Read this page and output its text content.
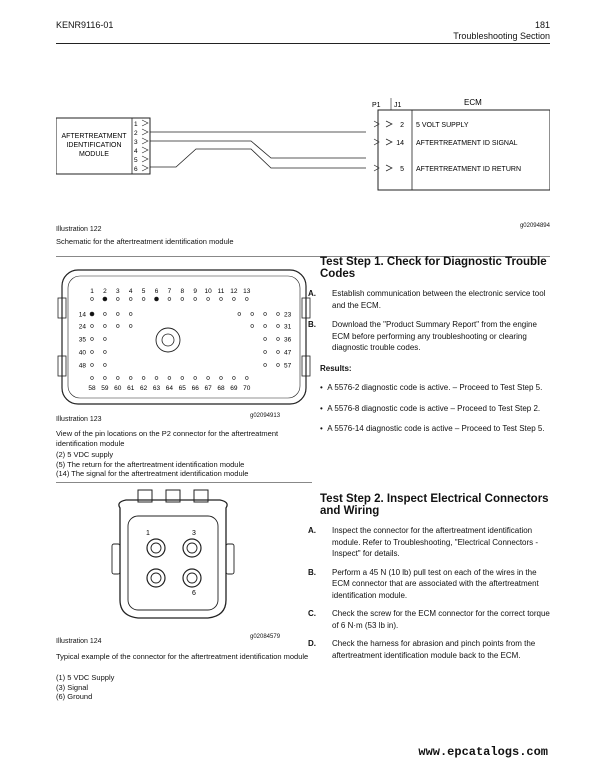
KENR9116-01	181
Troubleshooting Section
AFTERTREATMENT
IDENTIFICATION
MODULE
1
2
3
4
5
6
P1 J1	ECM
2 5 VOLT SUPPLY
14 AFTERTREATMENT ID SIGNAL
5 AFTERTREATMENT ID RETURN
Illustration 122	g02094894
Schematic for the aftertreatment identification module
1 2 3 4 5 6 7 8 9 10 11 12 13
14	23
24	31
35	36
40	47
48	57
58 59 60 61 62 63 64 65 66 67 68 69 70
Illustration 123	g02094913
View of the pin locations on the P2 connector for the aftertreatment identification module
(2) 5 VDC supply
(5) The return for the aftertreatment identification module
(14) The signal for the aftertreatment identification module
1	3
6
Illustration 124
g02084579
Typical example of the connector for the aftertreatment identification module
(1) 5 VDC Supply
(3) Signal
(6) Ground
Test Step 1. Check for Diagnostic Trouble Codes
A. Establish communication between the electronic service tool and the ECM.
B. Download the "Product Summary Report" from the engine ECM before performing any troubleshooting or clearing diagnostic trouble codes.
Results:
•  A 5576-2 diagnostic code is active. – Proceed to Test Step 5.
•  A 5576-8 diagnostic code is active – Proceed to Test Step 2.
•  A 5576-14 diagnostic code is active – Proceed to Test Step 5.
Test Step 2. Inspect Electrical Connectors and Wiring
A. Inspect the connector for the aftertreatment identification module. Refer to Troubleshooting, "Electrical Connectors - Inspect" for details.
B. Perform a 45 N (10 lb) pull test on each of the wires in the ECM connector that are associated with the aftertreatment identification module.
C. Check the screw for the ECM connector for the correct torque of 6 N·m (53 lb in).
D. Check the harness for abrasion and pinch points from the aftertreatment identification module back to the ECM.
www.epcatalogs.com
